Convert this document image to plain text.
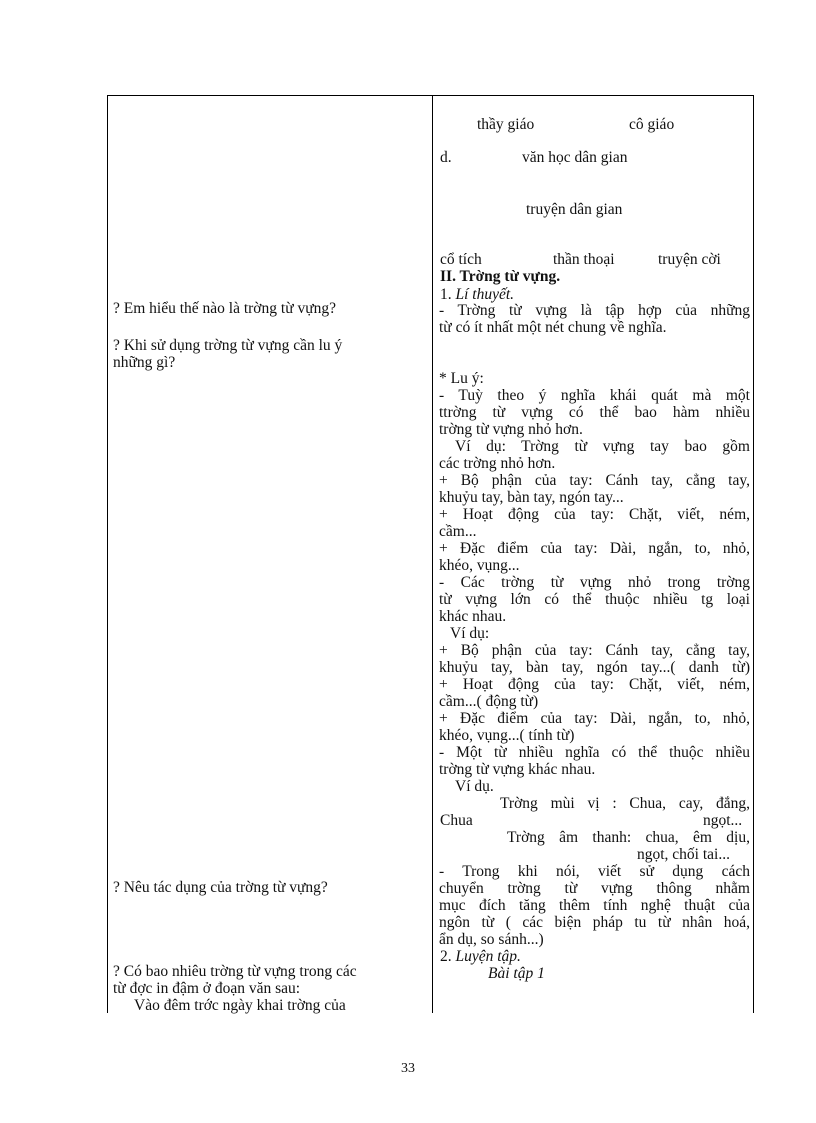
? Em hiểu thế nào là trờng từ vựng?
? Khi sử dụng trờng từ vựng cần lu ý
những gì?
? Nêu tác dụng của trờng từ vựng?
? Có bao nhiêu trờng từ vựng trong các
từ đợc in đậm ở đoạn văn sau:
Vào đêm trớc ngày khai trờng của
thầy giáo	cô giáo
d.	văn học dân gian
truyện dân gian
cổ tích	thần thoại	truyện cời
II. Trờng từ vựng.
1. Lí thuyết.
- Trờng từ vựng là tập hợp của những
từ có ít nhất một nét chung về nghĩa.
* Lu ý:
- Tuỳ theo ý nghĩa khái quát mà một
ttrờng từ vựng có thể bao hàm nhiều
trờng từ vựng nhỏ hơn.
Ví dụ: Trờng từ vựng tay bao gồm
các trờng nhỏ hơn.
+ Bộ phận của tay: Cánh tay, cẳng tay,
khuỷu tay, bàn tay, ngón tay...
+ Hoạt động của tay: Chặt, viết, ném,
cầm...
+ Đặc điểm của tay: Dài, ngắn, to, nhỏ,
khéo, vụng...
- Các trờng từ vựng nhỏ trong trờng
từ vựng lớn có thể thuộc nhiều tg loại
khác nhau.
Ví dụ:
+ Bộ phận của tay: Cánh tay, cẳng tay,
khuỷu tay, bàn tay, ngón tay...( danh từ)
+ Hoạt động của tay: Chặt, viết, ném,
cầm...( động từ)
+ Đặc điểm của tay: Dài, ngắn, to, nhỏ,
khéo, vụng...( tính từ)
- Một từ nhiều nghĩa có thể thuộc nhiều
trờng từ vựng khác nhau.
Ví dụ.
Trờng mùi vị : Chua, cay, đắng,
Chua	ngọt...
Trờng âm thanh: chua, êm dịu,
ngọt, chối tai...
- Trong khi nói, viết sử dụng cách
chuyển trờng từ vựng thông nhằm
mục đích tăng thêm tính nghệ thuật của
ngôn từ ( các biện pháp tu từ nhân hoá,
ẩn dụ, so sánh...)
2. Luyện tập.
Bài tập 1
33
